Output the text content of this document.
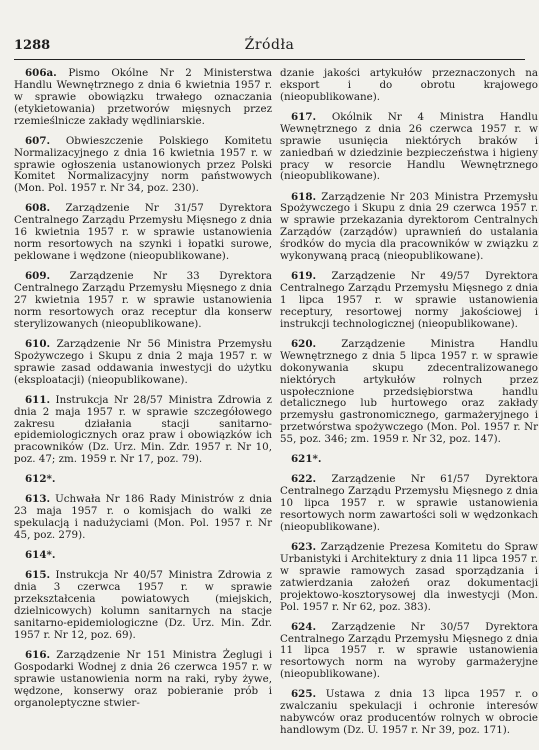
1288	Źródła

606a. Pismo Okólne Nr 2 Ministerstwa Handlu Wewnętrznego z dnia 6 kwietnia 1957 r. w sprawie obowiązku trwałego oznaczania (etykietowania) przetworów mięsnych przez rzemieślnicze zakłady wędliniarskie.

607. Obwieszczenie Polskiego Komitetu Normalizacyjnego z dnia 16 kwietnia 1957 r. w sprawie ogłoszenia ustanowionych przez Polski Komitet Normalizacyjny norm państwowych (Mon. Pol. 1957 r. Nr 34, poz. 230).

608. Zarządzenie Nr 31/57 Dyrektora Centralnego Zarządu Przemysłu Mięsnego z dnia 16 kwietnia 1957 r. w sprawie ustanowienia norm resortowych na szynki i łopatki surowe, peklowane i wędzone (nieopublikowane).

609. Zarządzenie Nr 33 Dyrektora Centralnego Zarządu Przemysłu Mięsnego z dnia 27 kwietnia 1957 r. w sprawie ustanowienia norm resortowych oraz receptur dla konserw sterylizowanych (nieopublikowane).

610. Zarządzenie Nr 56 Ministra Przemysłu Spożywczego i Skupu z dnia 2 maja 1957 r. w sprawie zasad oddawania inwestycji do użytku (eksploatacji) (nieopublikowane).

611. Instrukcja Nr 28/57 Ministra Zdrowia z dnia 2 maja 1957 r. w sprawie szczegółowego zakresu działania stacji sanitarno-epidemiologicznych oraz praw i obowiązków ich pracowników (Dz. Urz. Min. Zdr. 1957 r. Nr 10, poz. 47; zm. 1959 r. Nr 17, poz. 79).

612*.

613. Uchwała Nr 186 Rady Ministrów z dnia 23 maja 1957 r. o komisjach do walki ze spekulacją i nadużyciami (Mon. Pol. 1957 r. Nr 45, poz. 279).

614*.

615. Instrukcja Nr 40/57 Ministra Zdrowia z dnia 3 czerwca 1957 r. w sprawie przekształcenia powiatowych (miejskich, dzielnicowych) kolumn sanitarnych na stacje sanitarno-epidemiologiczne (Dz. Urz. Min. Zdr. 1957 r. Nr 12, poz. 69).

616. Zarządzenie Nr 151 Ministra Żeglugi i Gospodarki Wodnej z dnia 26 czerwca 1957 r. w sprawie ustanowienia norm na raki, ryby żywe, wędzone, konserwy oraz pobieranie prób i organoleptyczne stwier-

dzanie jakości artykułów przeznaczonych na eksport i do obrotu krajowego (nieopublikowane).

617. Okólnik Nr 4 Ministra Handlu Wewnętrznego z dnia 26 czerwca 1957 r. w sprawie usunięcia niektórych braków i zaniedbań w dziedzinie bezpieczeństwa i higieny pracy w resorcie Handlu Wewnętrznego (nieopublikowane).

618. Zarządzenie Nr 203 Ministra Przemysłu Spożywczego i Skupu z dnia 29 czerwca 1957 r. w sprawie przekazania dyrektorom Centralnych Zarządów (zarządów) uprawnień do ustalania środków do mycia dla pracowników w związku z wykonywaną pracą (nieopublikowane).

619. Zarządzenie Nr 49/57 Dyrektora Centralnego Zarządu Przemysłu Mięsnego z dnia 1 lipca 1957 r. w sprawie ustanowienia receptury, resortowej normy jakościowej i instrukcji technologicznej (nieopublikowane).

620. Zarządzenie Ministra Handlu Wewnętrznego z dnia 5 lipca 1957 r. w sprawie dokonywania skupu zdecentralizowanego niektórych artykułów rolnych przez uspołecznione przedsiębiorstwa handlu detalicznego lub hurtowego oraz zakłady przemysłu gastronomicznego, garmażeryjnego i przetwórstwa spożywczego (Mon. Pol. 1957 r. Nr 55, poz. 346; zm. 1959 r. Nr 32, poz. 147).

621*.

622. Zarządzenie Nr 61/57 Dyrektora Centralnego Zarządu Przemysłu Mięsnego z dnia 10 lipca 1957 r. w sprawie ustanowienia resortowych norm zawartości soli w wędzonkach (nieopublikowane).

623. Zarządzenie Prezesa Komitetu do Spraw Urbanistyki i Architektury z dnia 11 lipca 1957 r. w sprawie ramowych zasad sporządzania i zatwierdzania założeń oraz dokumentacji projektowo-kosztorysowej dla inwestycji (Mon. Pol. 1957 r. Nr 62, poz. 383).

624. Zarządzenie Nr 30/57 Dyrektora Centralnego Zarządu Przemysłu Mięsnego z dnia 11 lipca 1957 r. w sprawie ustanowienia resortowych norm na wyroby garmażeryjne (nieopublikowane).

625. Ustawa z dnia 13 lipca 1957 r. o zwalczaniu spekulacji i ochronie interesów nabywców oraz producentów rolnych w obrocie handlowym (Dz. U. 1957 r. Nr 39, poz. 171).
